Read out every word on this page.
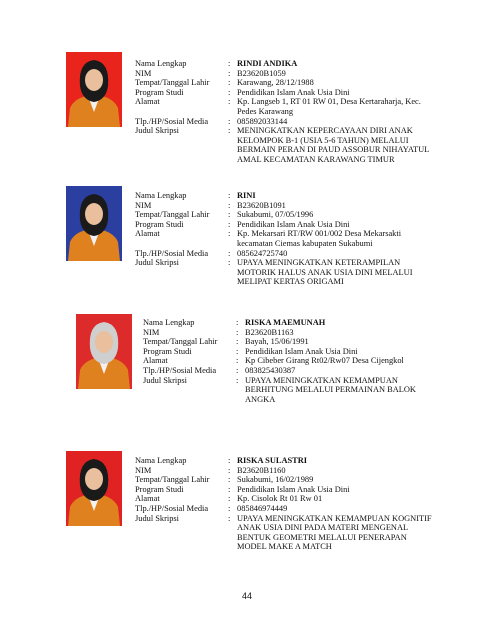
Nama Lengkap	: RINDI ANDIKA
NIM	: B23620B1059
Tempat/Tanggal Lahir	: Karawang, 28/12/1988
Program Studi	: Pendidikan Islam Anak Usia Dini
Alamat	: Kp. Langseb 1, RT 01 RW 01, Desa Kertaraharja, Kec. Pedes Karawang
Tlp./HP/Sosial Media	: 085892033144
Judul Skripsi	: MENINGKATKAN KEPERCAYAAN DIRI ANAK KELOMPOK B-1 (USIA 5-6 TAHUN) MELALUI BERMAIN PERAN DI PAUD ASSOBUR NIHAYATUL AMAL KECAMATAN KARAWANG TIMUR
Nama Lengkap	: RINI
NIM	: B23620B1091
Tempat/Tanggal Lahir	: Sukabumi, 07/05/1996
Program Studi	: Pendidikan Islam Anak Usia Dini
Alamat	: Kp. Mekarsari RT/RW 001/002 Desa Mekarsakti kecamatan Ciemas kabupaten Sukabumi
Tlp./HP/Sosial Media	: 085624725740
Judul Skripsi	: UPAYA MENINGKATKAN KETERAMPILAN MOTORIK HALUS ANAK USIA DINI MELALUI MELIPAT KERTAS ORIGAMI
Nama Lengkap	: RISKA MAEMUNAH
NIM	: B23620B1163
Tempat/Tanggal Lahir	: Bayah, 15/06/1991
Program Studi	: Pendidikan Islam Anak Usia Dini
Alamat	: Kp Cibeber Girang Rt02/Rw07 Desa Cijengkol
Tlp./HP/Sosial Media	: 083825430387
Judul Skripsi	: UPAYA MENINGKATKAN KEMAMPUAN BERHITUNG MELALUI PERMAINAN BALOK ANGKA
Nama Lengkap	: RISKA SULASTRI
NIM	: B23620B1160
Tempat/Tanggal Lahir	: Sukabumi, 16/02/1989
Program Studi	: Pendidikan Islam Anak Usia Dini
Alamat	: Kp. Cisolok Rt 01 Rw 01
Tlp./HP/Sosial Media	: 085846974449
Judul Skripsi	: UPAYA MENINGKATKAN KEMAMPUAN KOGNITIF ANAK USIA DINI PADA MATERI MENGENAL BENTUK GEOMETRI MELALUI PENERAPAN MODEL MAKE A MATCH
44
